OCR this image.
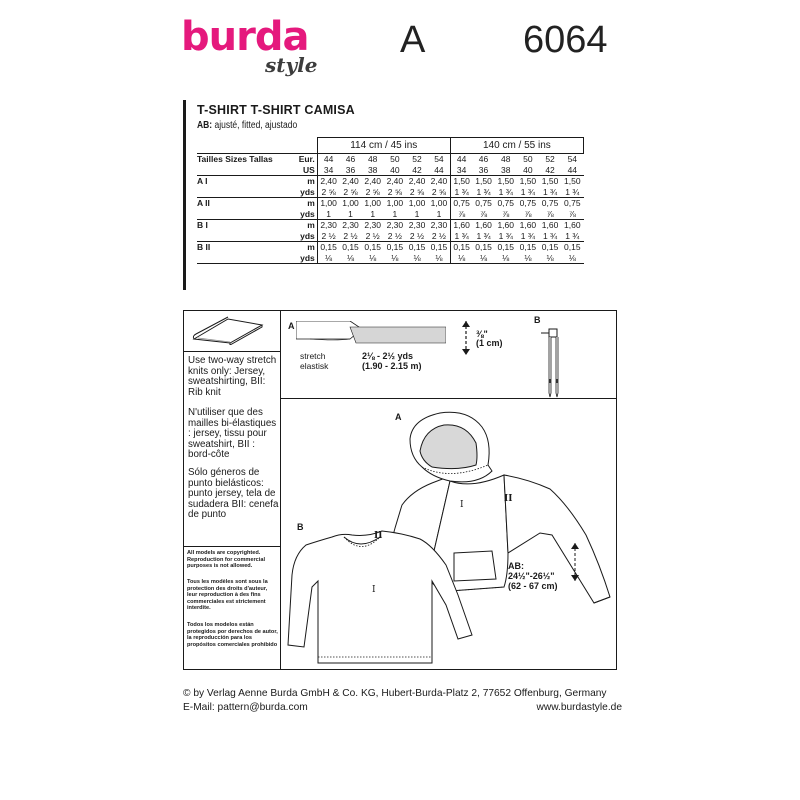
burda
style
A	6064
T-SHIRT T-SHIRT CAMISA
AB: ajusté, fitted, ajustado
		114 cm / 45 ins						140 cm / 55 ins					
Tailles Sizes Tallas	Eur.	44	46	48	50	52	54	44	46	48	50	52	54
	US	34	36	38	40	42	44	34	36	38	40	42	44
A I	m	2,40	2,40	2,40	2,40	2,40	2,40	1,50	1,50	1,50	1,50	1,50	1,50
	yds	2 ⅝	2 ⅝	2 ⅝	2 ⅝	2 ⅝	2 ⅝	1 ¾	1 ¾	1 ¾	1 ¾	1 ¾	1 ¾
A II	m	1,00	1,00	1,00	1,00	1,00	1,00	0,75	0,75	0,75	0,75	0,75	0,75
	yds	1	1	1	1	1	1	⅞	⅞	⅞	⅞	⅞	⅞
B I	m	2,30	2,30	2,30	2,30	2,30	2,30	1,60	1,60	1,60	1,60	1,60	1,60
	yds	2 ½	2 ½	2 ½	2 ½	2 ½	2 ½	1 ¾	1 ¾	1 ¾	1 ¾	1 ¾	1 ¾
B II	m	0,15	0,15	0,15	0,15	0,15	0,15	0,15	0,15	0,15	0,15	0,15	0,15
	yds	⅛	⅛	⅛	⅛	⅛	⅛	⅛	⅛	⅛	⅛	⅛	⅛
Use two-way stretch knits only: Jersey, sweatshirting, BII: Rib knit
N'utiliser que des mailles bi-élastiques : jersey, tissu pour sweatshirt, BII : bord-côte
Sólo géneros de punto bielásticos: punto jersey, tela de sudadera BII: cenefa de punto
All models are copyrighted. Reproduction for commercial purposes is not allowed.
Tous les modèles sont sous la protection des droits d'auteur, leur reproduction à des fins commerciales est strictement interdite.
Todos los modelos están protegidos por derechos de autor, la reproducción para los propósitos comerciales prohibido
A
stretch elastisk
2⅛ - 2½ yds
(1.90 - 2.15 m)
⅜"
(1 cm)
B
A
B
I
II
I
II
AB:
24½"-26½"
(62 - 67 cm)
© by Verlag Aenne Burda GmbH & Co. KG, Hubert-Burda-Platz 2, 77652 Offenburg, Germany
E-Mail: pattern@burda.com	www.burdastyle.de
